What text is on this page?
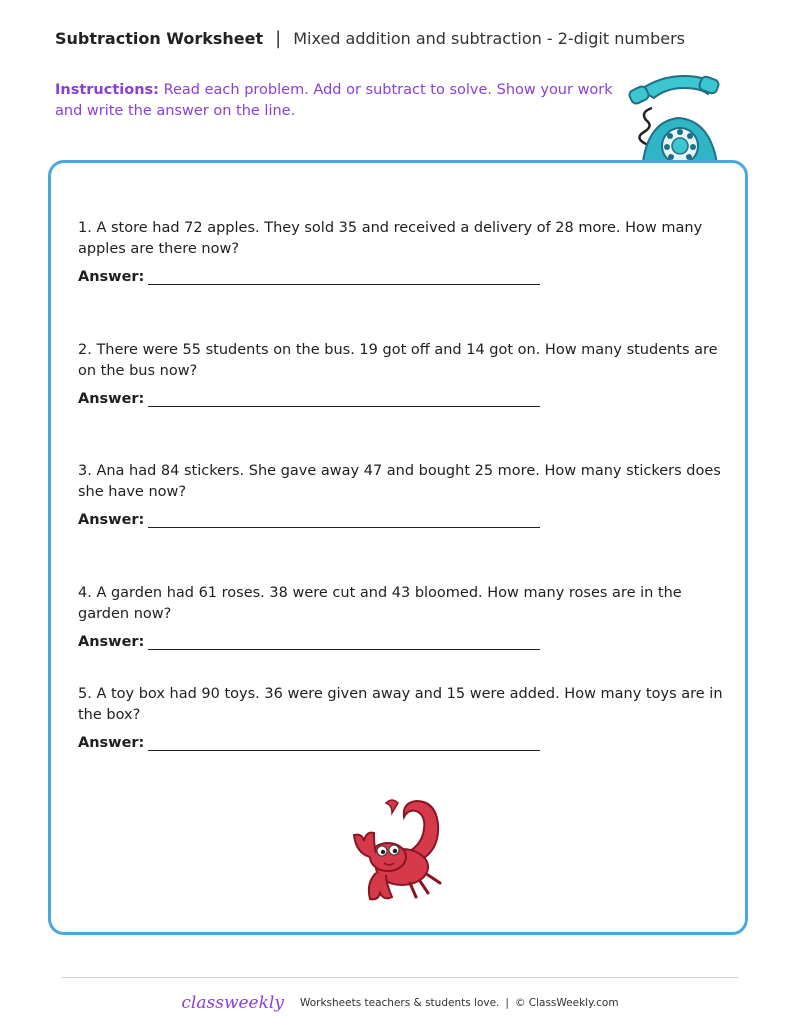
Subtraction Worksheet | Mixed addition and subtraction - 2-digit numbers
Instructions: Read each problem. Add or subtract to solve. Show your work and write the answer on the line.
1. A store had 72 apples. They sold 35 and received a delivery of 28 more. How many apples are there now?
Answer:
2. There were 55 students on the bus. 19 got off and 14 got on. How many students are on the bus now?
Answer:
3. Ana had 84 stickers. She gave away 47 and bought 25 more. How many stickers does she have now?
Answer:
4. A garden had 61 roses. 38 were cut and 43 bloomed. How many roses are in the garden now?
Answer:
5. A toy box had 90 toys. 36 were given away and 15 were added. How many toys are in the box?
Answer:
classweekly Worksheets teachers & students love. | © ClassWeekly.com
